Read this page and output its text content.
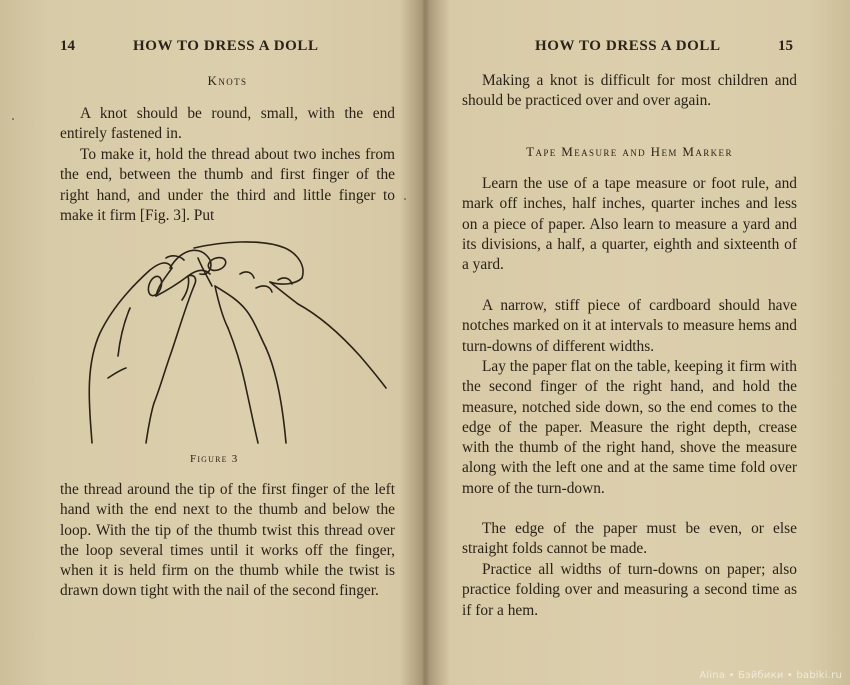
14	HOW TO DRESS A DOLL
Knots
A knot should be round, small, with the end entirely fastened in.
To make it, hold the thread about two inches from the end, between the thumb and first finger of the right hand, and under the third and little finger to make it firm [Fig. 3]. Put
Figure 3
the thread around the tip of the first finger of the left hand with the end next to the thumb and below the loop. With the tip of the thumb twist this thread over the loop several times until it works off the finger, when it is held firm on the thumb while the twist is drawn down tight with the nail of the second finger.
HOW TO DRESS A DOLL	15
Making a knot is difficult for most children and should be practiced over and over again.
Tape Measure and Hem Marker
Learn the use of a tape measure or foot rule, and mark off inches, half inches, quarter inches and less on a piece of paper. Also learn to measure a yard and its divisions, a half, a quarter, eighth and sixteenth of a yard.
A narrow, stiff piece of cardboard should have notches marked on it at intervals to measure hems and turn-downs of different widths.
Lay the paper flat on the table, keeping it firm with the second finger of the right hand, and hold the measure, notched side down, so the end comes to the edge of the paper. Measure the right depth, crease with the thumb of the right hand, shove the measure along with the left one and at the same time fold over more of the turn-down.
The edge of the paper must be even, or else straight folds cannot be made.
Practice all widths of turn-downs on paper; also practice folding over and measuring a second time as if for a hem.
Alina • Бэйбики • babiki.ru
